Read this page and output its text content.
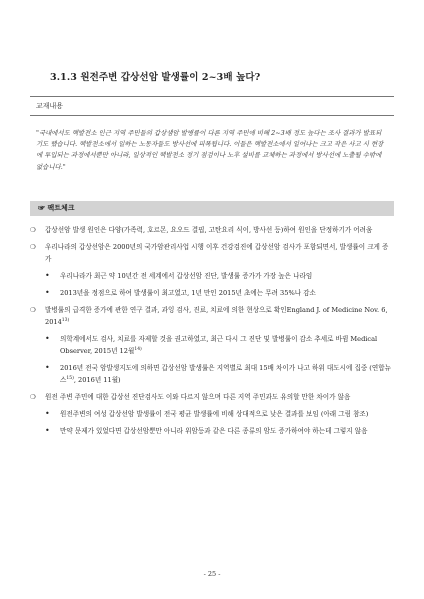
3.1.3 원전주변 갑상선암 발생률이 2~3배 높다?
교재내용

"국내에서도 핵발전소 인근 지역 주민들의 갑상샘암 발병률이 다른 지역 주민에 비해 2~3배 정도 높다는 조사 결과가 발표되기도 했습니다. 핵발전소에서 일하는 노동자들도 방사선에 피폭됩니다. 이들은 핵발전소에서 일어나는 크고 작은 사고 시 현장에 투입되는 과정에서뿐만 아니라, 일상적인 핵발전소 정기 점검이나 노후 설비를 교체하는 과정에서 방사선에 노출될 수밖에 없습니다."

☞ 팩트체크

❍ 갑상선암 발생 원인은 다양(가족력, 호르몬, 요오드 결핍, 고탄요리 식이, 방사선 등)하여 원인을 단정하기가 어려움

❍ 우리나라의 갑상선암은 2000년의 국가암관리사업 시행 이후 건강검진에 갑상선암 검사가 포함되면서, 발생률이 크게 증가

• 우리나라가 최근 약 10년간 전 세계에서 갑상선암 진단, 발생률 증가가 가장 높은 나라임

• 2013년을 정점으로 하여 발생률이 최고였고, 1년 만인 2015년 초에는 무려 35%나 감소

❍ 발병률의 급격한 증가에 관한 연구 결과, 과잉 검사, 진료, 치료에 의한 현상으로 확인England J. of Medicine Nov. 6, 2014$^{13)}$

• 의학계에서도 검사, 치료를 자제할 것을 권고하였고, 최근 다시 그 진단 및 발병률이 감소 추세로 바뀜 Medical Observer, 2015년 12월$^{14)}$

• 2016년 전국 암발생지도에 의하면 갑상선암 발생률은 지역별로 최대 15배 차이가 나고 하위 대도시에 집중 (연합뉴스$^{15)}$, 2016년 11월)

❍ 원전 주변 주민에 대한 갑상선 진단검사도 이와 다르지 않으며 다른 지역 주민과도 유의할 만한 차이가 않음

• 원전주변의 여성 갑상선암 발생률이 전국 평균 발생률에 비해 상대적으로 낮은 결과를 보임 (아래 그림 참조)

• 만약 문제가 있었다면 갑상선암뿐만 아니라 위암등과 같은 다른 종류의 암도 증가하여야 하는데 그렇지 않음

- 25 -
